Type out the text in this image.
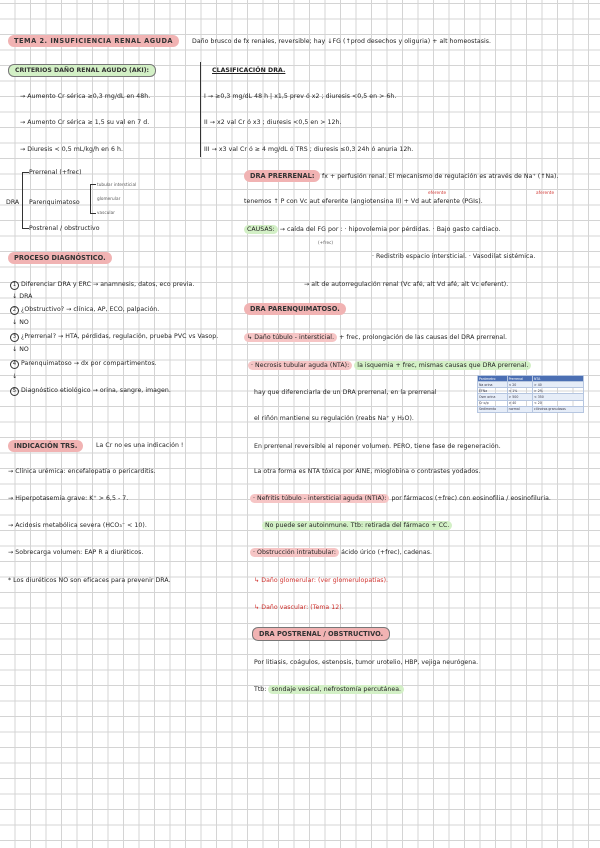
TEMA 2. INSUFICIENCIA RENAL AGUDA	Daño brusco de fx renales, reversible; hay ↓FG (↑prod desechos y oliguria) + alt homeostasis.
CRITERIOS DAÑO RENAL AGUDO (AKI):
→ Aumento Cr sérica ≥0,3 mg/dL en 48h.
→ Aumento Cr sérica ≥ 1,5 su val en 7 d.
→ Diuresis < 0,5 mL/kg/h en 6 h.
DRA
Prerrenal (+frec)
Parenquimatoso
Postrenal / obstructivo
tubular intersticial
glomerular
vascular
CLASIFICACIÓN DRA.
I → ≥0,3 mg/dL 48 h | x1,5 prev ó x2 ; diuresis <0,5 en > 6h.
II → x2 val Cr ó x3 ; diuresis <0,5 en > 12h.
III → x3 val Cr ó ≥ 4 mg/dL ó TRS ; diuresis ≤0,3 24h ó anuria 12h.
PROCESO DIAGNÓSTICO.
1 Diferenciar DRA y ERC → anamnesis, datos, eco previa.
↓ DRA
2 ¿Obstructivo? → clínica, AP, ECO, palpación.
↓ NO
3 ¿Prerrenal? → HTA, pérdidas, regulación, prueba PVC vs Vasop.
↓ NO
4 Parenquimatoso → dx por compartimentos.
↓
5 Diagnóstico etiológico → orina, sangre, imagen.
INDICACIÓN TRS.	La Cr no es una indicación !
→ Clínica urémica: encefalopatía o pericarditis.
→ Hiperpotasemia grave: K⁺ > 6,5 - 7.
→ Acidosis metabólica severa (HCO₃⁻ < 10).
→ Sobrecarga volumen: EAP R a diuréticos.
* Los diuréticos NO son eficaces para prevenir DRA.
DRA PRERRENAL:	fx + perfusión renal. El mecanismo de regulación es através de Na⁺ (↑Na).
eferente	aferente
tenemos ↑ P con Vc aut eferente (angiotensina II) + Vd aut aferente (PGIs).
CAUSAS: → caída del FG por : · hipovolemia por pérdidas. · Bajo gasto cardiaco.
(+frec)
· Redistrib espacio intersticial. · Vasodilat sistémica.
→ alt de autorregulación renal (Vc afé, alt Vd afé, alt Vc eferent).
DRA PARENQUIMATOSO.
↳ Daño túbulo - intersticial. + frec, prolongación de las causas del DRA prerrenal.
· Necrosis tubular aguda (NTA): la isquemia + frec, mismas causas que DRA prerrenal.
hay que diferenciarla de un DRA prerrenal, en la prerrenal
el riñón mantiene su regulación (reabs Na⁺ y H₂O).
En prerrenal reversible al reponer volumen. PERO, tiene fase de regeneración.
La otra forma es NTA tóxica por AINE, mioglobina o contrastes yodados.
· Nefritis túbulo - intersticial aguda (NTIA): por fármacos (+frec) con eosinofilia / eosinofiluria.
No puede ser autoinmune. Ttb: retirada del fármaco + CC.
· Obstrucción intratubular: ácido úrico (+frec), cadenas.
↳ Daño glomerular: (ver glomerulopatías).
↳ Daño vascular: (Tema 12).
Parámetro	Prerrenal	NTA
Na orina	< 20	> 40
EFNa	< 1%	> 2%
Osm orina	> 500	< 350
Cr o/p	> 40	< 20
Sedimento	normal	cilindros granulosos
DRA POSTRENAL / OBSTRUCTIVO.
Por litiasis, coágulos, estenosis, tumor urotelio, HBP, vejiga neurógena.
Ttb: sondaje vesical, nefrostomía percutánea.
